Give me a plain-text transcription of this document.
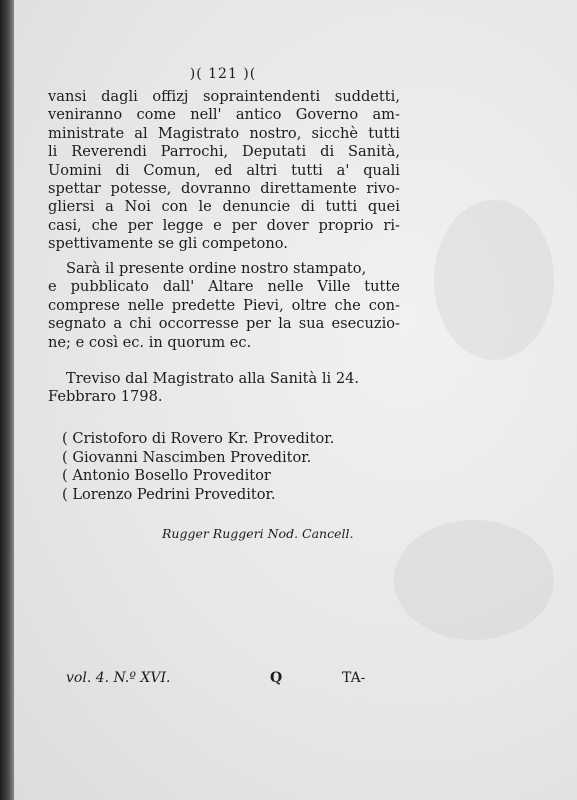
)( 121 )(
vansi dagli offizj sopraintendenti suddetti,
veniranno come nell' antico Governo am-
ministrate al Magistrato nostro, sicchè tutti
li Reverendi Parrochi, Deputati di Sanità,
Uomini di Comun, ed altri tutti a' quali
spettar potesse, dovranno direttamente rivo-
gliersi a Noi con le denuncie di tutti quei
casi, che per legge e per dover proprio ri-
spettivamente se gli competono.
Sarà il presente ordine nostro stampato,
e pubblicato dall' Altare nelle Ville tutte
comprese nelle predette Pievi, oltre che con-
segnato a chi occorresse per la sua esecuzio-
ne; e così ec. in quorum ec.
Treviso dal Magistrato alla Sanità li 24.
Febbraro 1798.
( Cristoforo di Rovero Kr. Proveditor.
( Giovanni Nascimben Proveditor.
( Antonio Bosello Proveditor
( Lorenzo Pedrini Proveditor.
Rugger Ruggeri Nod. Cancell.
vol. 4. N.º XVI.	Q	TA-
